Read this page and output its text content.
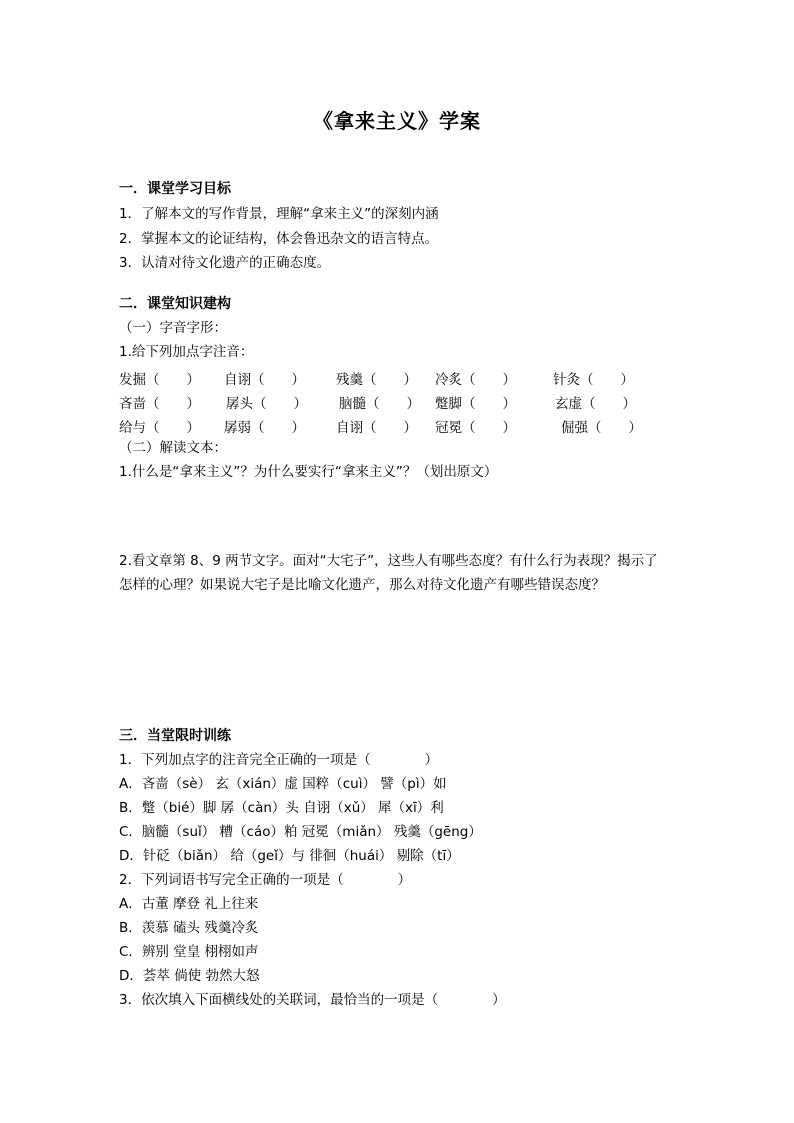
《拿来主义》学案
一．课堂学习目标
1．了解本文的写作背景，理解“拿来主义”的深刻内涵
2．掌握本文的论证结构，体会鲁迅杂文的语言特点。
3．认清对待文化遗产的正确态度。
二．课堂知识建构
（一）字音字形：
1.给下列加点字注音：
发掘（　　） 自诩（　　） 残羹（　　） 冷炙（　　）	针灸（　　）
吝啬（　　） 孱头（　　） 脑髓（　　） 蹩脚（　　）	玄虚（　　）
给与（　　） 孱弱（　　） 自诩（　　） 冠冕（　　）	倔强（　　）
（二）解读文本：
1.什么是“拿来主义”？为什么要实行“拿来主义”？（划出原文）
2.看文章第 8、9 两节文字。面对“大宅子”，这些人有哪些态度？有什么行为表现？揭示了
怎样的心理？如果说大宅子是比喻文化遗产，那么对待文化遗产有哪些错误态度？
三．当堂限时训练
1．下列加点字的注音完全正确的一项是（　　　　）
A．吝啬（sè） 玄（xián）虚 国粹（cuì） 譬（pì）如
B．蹩（bié）脚 孱（càn）头 自诩（xǔ） 犀（xī）利
C．脑髓（suǐ） 糟（cáo）粕 冠冕（miǎn） 残羹（gēng）
D．针砭（biǎn） 给（geǐ）与 徘徊（huái） 剔除（tī）
2．下列词语书写完全正确的一项是（　　　　）
A．古董 摩登 礼上往来
B．羡慕 磕头 残羹冷炙
C．辨别 堂皇 栩栩如声
D．荟萃 倘使 勃然大怒
3．依次填入下面横线处的关联词，最恰当的一项是（　　　　）
